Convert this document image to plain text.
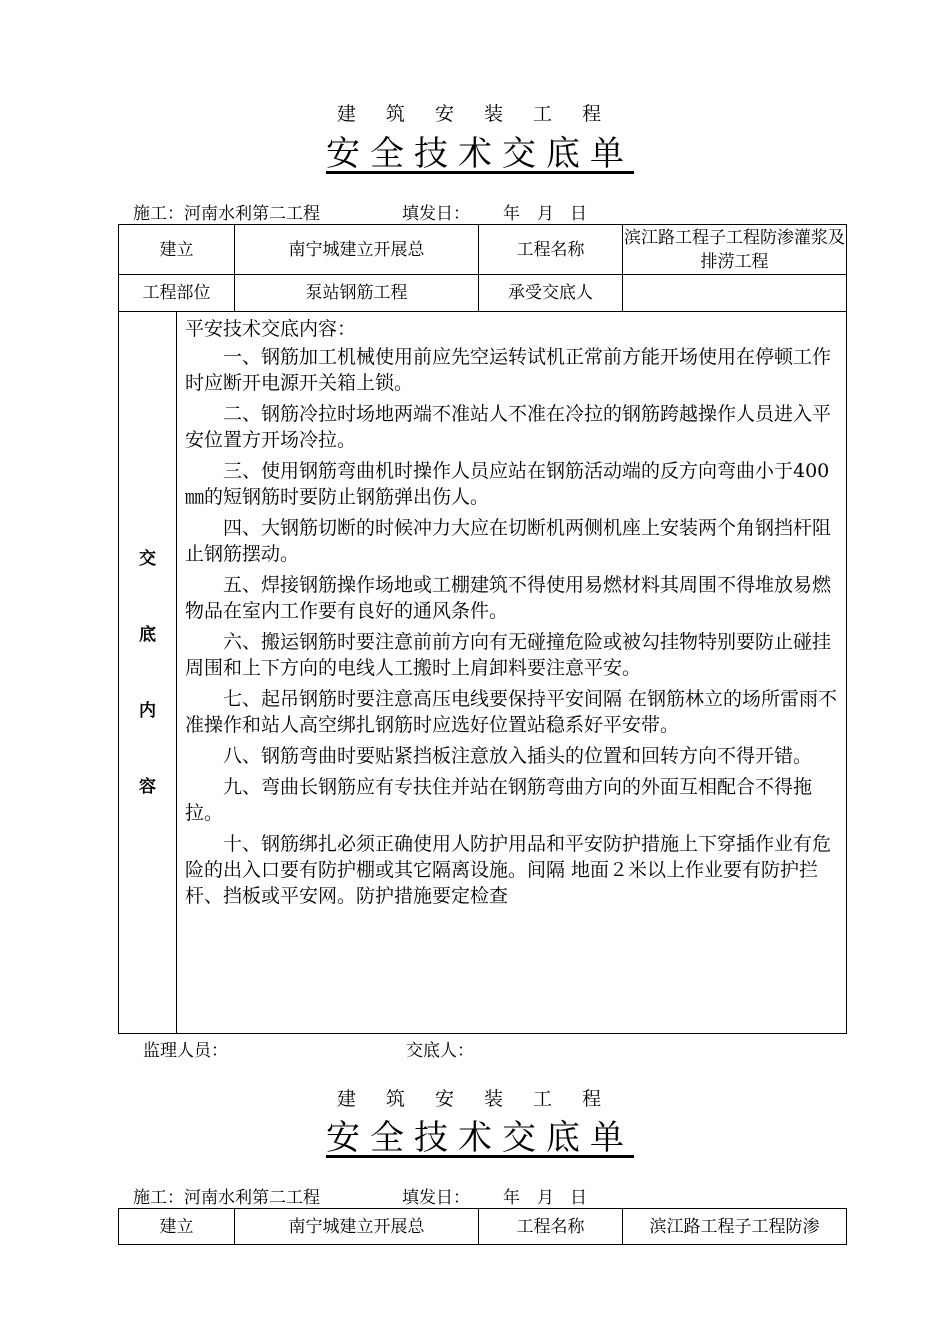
建 筑 安 装 工 程
安全技术交底单
施工：河南水利第二工程	填发日： 年 月 日
建立	南宁城建立开展总	工程名称	滨江路工程子工程防渗灌浆及排涝工程
工程部位	泵站钢筋工程	承受交底人	
交
底
内
容

平安技术交底内容：

一、钢筋加工机械使用前应先空运转试机正常前方能开场使用在停顿工作时应断开电源开关箱上锁。

二、钢筋冷拉时场地两端不准站人不准在冷拉的钢筋跨越操作人员进入平安位置方开场冷拉。

三、使用钢筋弯曲机时操作人员应站在钢筋活动端的反方向弯曲小于400㎜的短钢筋时要防止钢筋弹出伤人。

四、大钢筋切断的时候冲力大应在切断机两侧机座上安装两个角钢挡杆阻止钢筋摆动。

五、焊接钢筋操作场地或工棚建筑不得使用易燃材料其周围不得堆放易燃物品在室内工作要有良好的通风条件。

六、搬运钢筋时要注意前前方向有无碰撞危险或被勾挂物特别要防止碰挂周围和上下方向的电线人工搬时上肩卸料要注意平安。

七、起吊钢筋时要注意高压电线要保持平安间隔 在钢筋林立的场所雷雨不准操作和站人高空绑扎钢筋时应选好位置站稳系好平安带。

八、钢筋弯曲时要贴紧挡板注意放入插头的位置和回转方向不得开错。

九、弯曲长钢筋应有专扶住并站在钢筋弯曲方向的外面互相配合不得拖拉。

十、钢筋绑扎必须正确使用人防护用品和平安防护措施上下穿插作业有危险的出入口要有防护棚或其它隔离设施。间隔 地面２米以上作业要有防护拦杆、挡板或平安网。防护措施要定检查

监理人员：	交底人：
建 筑 安 装 工 程
安全技术交底单
施工：河南水利第二工程	填发日： 年 月 日
建立	南宁城建立开展总	工程名称	滨江路工程子工程防渗
